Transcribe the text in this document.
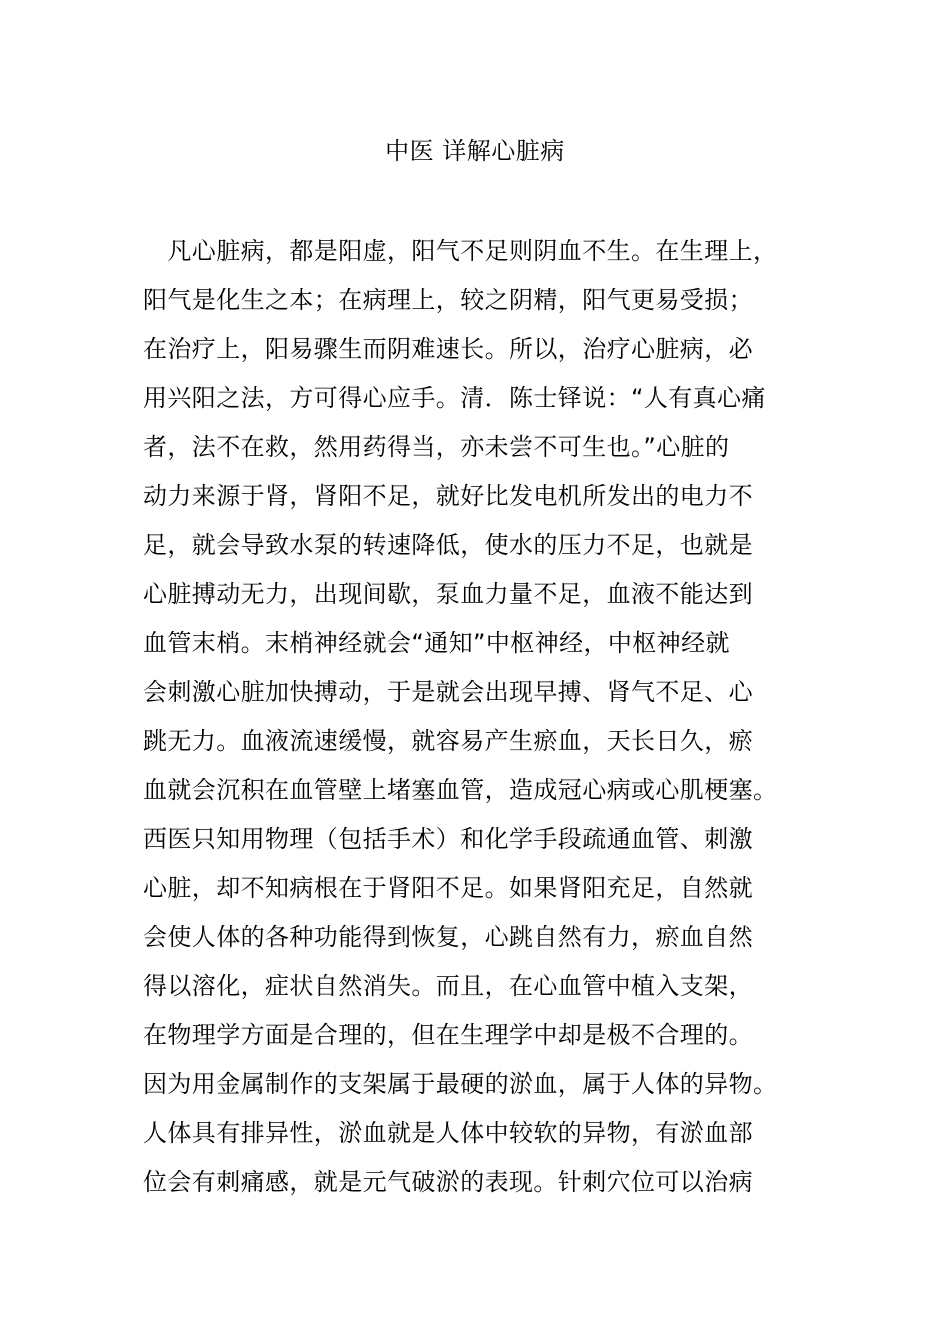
中医 详解心脏病
　凡心脏病，都是阳虚，阳气不足则阴血不生。在生理上，
阳气是化生之本；在病理上，较之阴精，阳气更易受损；
在治疗上，阳易骤生而阴难速长。所以，治疗心脏病，必
用兴阳之法，方可得心应手。清．陈士铎说：“人有真心痛
者，法不在救，然用药得当，亦未尝不可生也。”心脏的
动力来源于肾，肾阳不足，就好比发电机所发出的电力不
足，就会导致水泵的转速降低，使水的压力不足，也就是
心脏搏动无力，出现间歇，泵血力量不足，血液不能达到
血管末梢。末梢神经就会“通知”中枢神经，中枢神经就
会刺激心脏加快搏动，于是就会出现早搏、肾气不足、心
跳无力。血液流速缓慢，就容易产生瘀血，天长日久，瘀
血就会沉积在血管壁上堵塞血管，造成冠心病或心肌梗塞。
西医只知用物理（包括手术）和化学手段疏通血管、刺激
心脏，却不知病根在于肾阳不足。如果肾阳充足，自然就
会使人体的各种功能得到恢复，心跳自然有力，瘀血自然
得以溶化，症状自然消失。而且，在心血管中植入支架，
在物理学方面是合理的，但在生理学中却是极不合理的。
因为用金属制作的支架属于最硬的淤血，属于人体的异物。
人体具有排异性，淤血就是人体中较软的异物，有淤血部
位会有刺痛感，就是元气破淤的表现。针刺穴位可以治病
